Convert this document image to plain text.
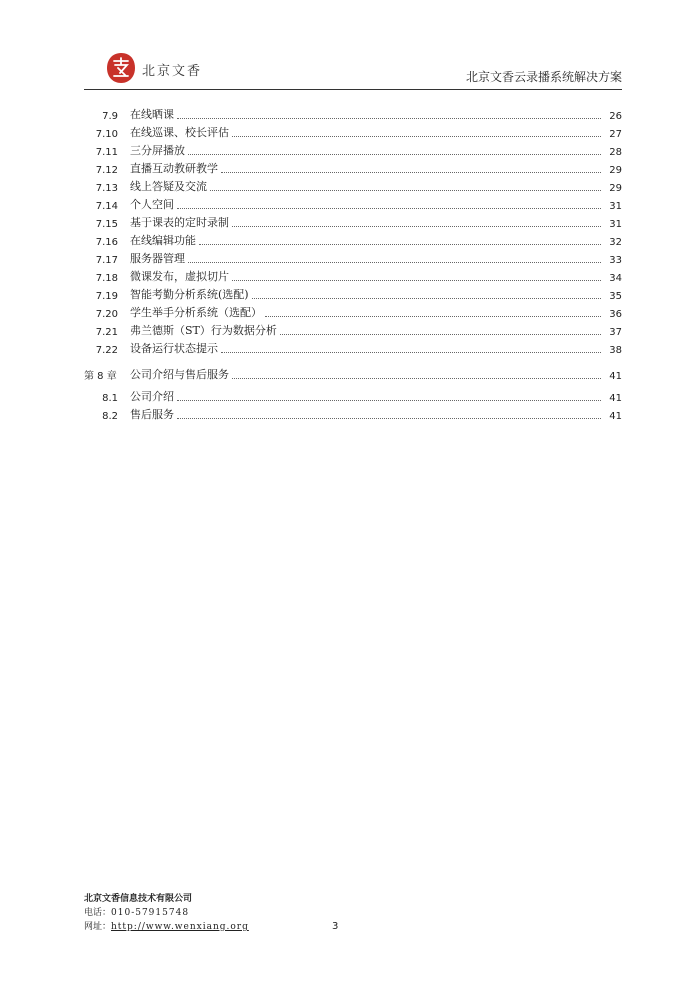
北京文香	北京文香云录播系统解决方案
7.9	在线晒课	26
7.10	在线巡课、校长评估	27
7.11	三分屏播放	28
7.12	直播互动教研教学	29
7.13	线上答疑及交流	29
7.14	个人空间	31
7.15	基于课表的定时录制	31
7.16	在线编辑功能	32
7.17	服务器管理	33
7.18	微课发布，虚拟切片	34
7.19	智能考勤分析系统(选配)	35
7.20	学生举手分析系统（选配）	36
7.21	弗兰德斯（ST）行为数据分析	37
7.22	设备运行状态提示	38
第 8 章	公司介绍与售后服务	41
8.1	公司介绍	41
8.2	售后服务	41
北京文香信息技术有限公司
电话：010-57915748
网址：http://www.wenxiang.org	3
